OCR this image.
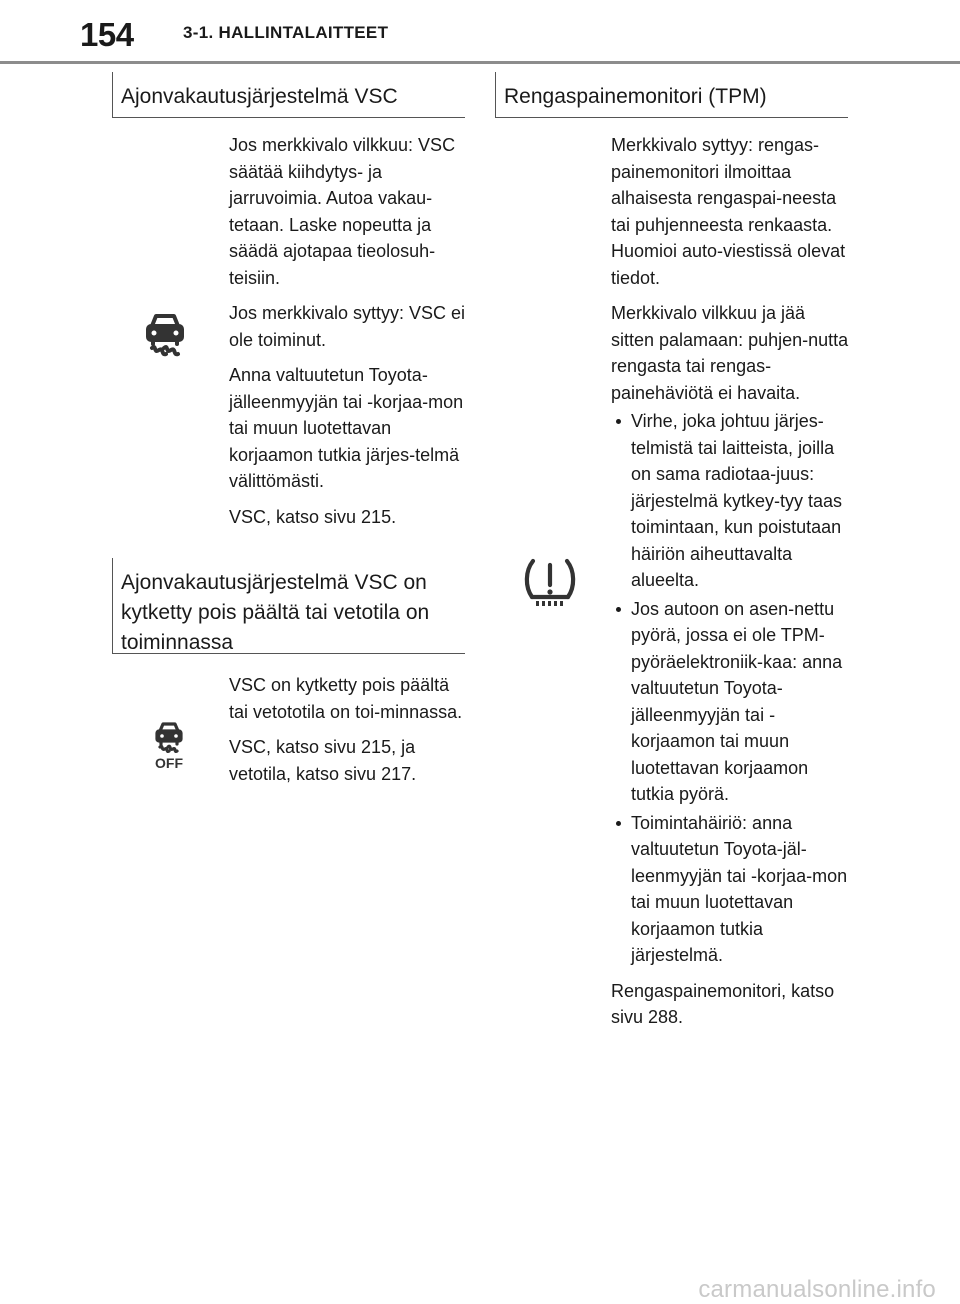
154	3-1. HALLINTALAITTEET
Ajonvakautusjärjestelmä VSC

Jos merkkivalo vilkkuu: VSC säätää kiihdytys- ja jarruvoimia. Autoa vakau-tetaan. Laske nopeutta ja säädä ajotapaa tieolosuh-teisiin.

Jos merkkivalo syttyy: VSC ei ole toiminut.

Anna valtuutetun Toyota-jälleenmyyjän tai -korjaa-mon tai muun luotettavan korjaamon tutkia järjes-telmä välittömästi.

VSC, katso sivu 215.

Ajonvakautusjärjestelmä VSC on kytketty pois päältä tai vetotila on toiminnassa

VSC on kytketty pois päältä tai vetototila on toi-minnassa.

VSC, katso sivu 215, ja vetotila, katso sivu 217.

OFF
Rengaspainemonitori (TPM)

Merkkivalo syttyy: rengas-painemonitori ilmoittaa alhaisesta rengaspai-neesta tai puhjenneesta renkaasta. Huomioi auto-viestissä olevat tiedot.

Merkkivalo vilkkuu ja jää sitten palamaan: puhjen-nutta rengasta tai rengas-painehäviötä ei havaita.

Virhe, joka johtuu järjes-telmistä tai laitteista, joilla on sama radiotaa-juus: järjestelmä kytkey-tyy taas toimintaan, kun poistutaan häiriön aiheuttavalta alueelta.
Jos autoon on asen-nettu pyörä, jossa ei ole TPM-pyöräelektroniik-kaa: anna valtuutetun Toyota-jälleenmyyjän tai -korjaamon tai muun luotettavan korjaamon tutkia pyörä.
Toimintahäiriö: anna valtuutetun Toyota-jäl-leenmyyjän tai -korjaa-mon tai muun luotettavan korjaamon tutkia järjestelmä.

Rengaspainemonitori, katso sivu 288.

carmanualsonline.info
